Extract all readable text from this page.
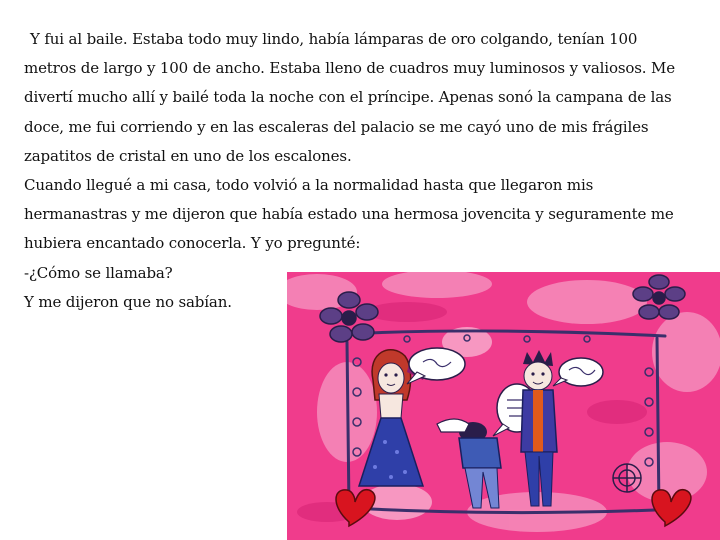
Y fui al baile. Estaba todo muy lindo, había lámparas de oro colgando, tenían 100 metros de largo y 100 de ancho. Estaba lleno de cuadros muy luminosos y valiosos. Me divertí mucho allí y bailé toda la noche con el príncipe. Apenas sonó la campana de las doce, me fui corriendo y en las escaleras del palacio se me cayó uno de mis frágiles zapatitos de cristal en uno de los escalones.

Cuando llegué a mi casa, todo volvió a la normalidad hasta que llegaron mis hermanastras y me dijeron que había estado una hermosa jovencita y seguramente me hubiera encantado conocerla. Y yo pregunté:

-¿Cómo se llamaba?

Y me dijeron que no sabían.
